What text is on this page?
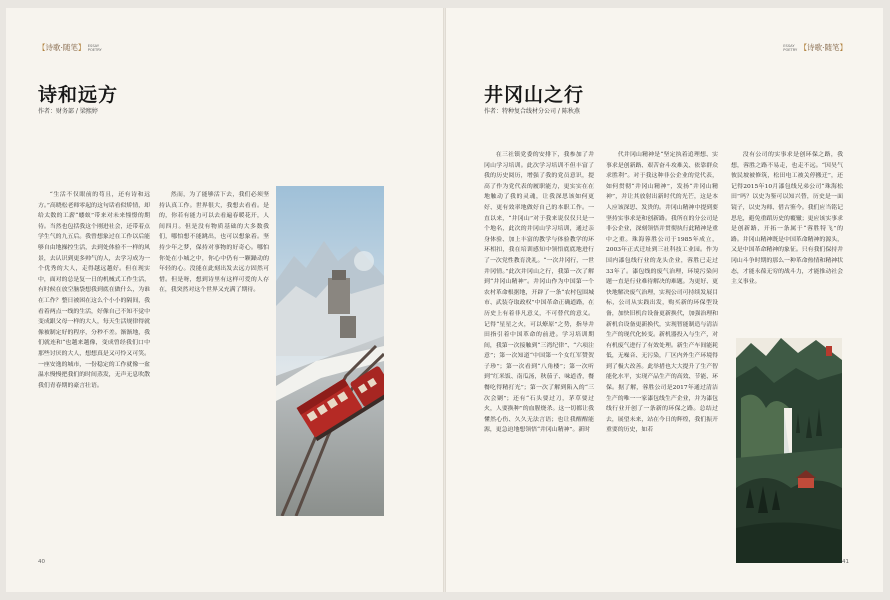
【诗歌·随笔】 ESSAY
POETRY
诗和远方
作者：财务部 / 梁熙婷

“生活不仅眼前的苟且，还有诗和远方。”高晓松老师零起的这句话看似矫情，却给太数的工薪“蝼蚁”带来对未来憧憬的期待。当然也包括我这个刚进社会，还带着点学生气的九五后。我曾想象过在工作以后能够自由地操控生活，去到处体验不一样的风景，去认识到更多帅气的人，去学习成为一个优秀的大人，走得越远越好。但在现实中，面对的总是复一日的机械式工作生活，有时候在放空脑袋想我到底在做什么，为谁在工作？整日被困在这么个小小的隔间，我看着两点一线的生活，好像自己不知不觉中变成跟父母一样的大人，每天生活规律得就像被制定好的程序，分秒不差。渐渐地，我们就连和“也越来越像，变成曾经我们口中那些讨厌的大人，想想真是又可怜又可笑。一座安逸的城市，一份稳定的工作就像一盆温水慢慢把我们的时间蒸发，无声无息吹散我们青春期的豪言壮语。

然而，为了能够活下去，我们必须坚持认真工作。世界很大，我想去看看。是的，你若有能力可以去看遍春暖花开，人间四月。但是没有物质基础的大多数我们，哪怕想不能跳出，也可以想象着。坚持少年之梦，保持对事物的好奇心。哪怕你处在小城之中，你心中仍有一颗躁动的年轻的心。没能在此刻出发去远方固然可惜。但是呀，想到诗里有这样可爱的人存在，我突然对这个世界又充满了期待。

40
ESSAY
POETRY 【诗歌·随笔】
井冈山之行
作者：特种复合线材分公司 / 陈秋燕

在三社镇党委的安排下，我参加了井冈山学习培训。此次学习培训不但丰富了我的历史阅历，增强了我的党员意识，提高了作为党代表的履职能力，更实实在在地触动了我的灵魂，让我深思该如何更好、更有效率地做好自己的本职工作。一直以来，“井冈山”对于我来说仅仅只是一个地名，此次的井冈山学习培训，通过亲身体验、加上丰富的教学与体验教学的环环相扣，我在培训感知中领悟底底地进行了一次党性教育洗礼。“一次井冈行，一世井冈情。”此次井冈山之行，我第一次了解到“井冈山精神”。井冈山作为中国第一个农村革命根据地，开辟了一条“农村包围城市、武装夺取政权”中国革命正确道路，在历史上有着非凡意义，不可替代的意义。记得“星星之火，可以燎原”之势，指导井田指引着中国革命的前进。学习培训期间，我第一次接触到“三湾纪律”、“六项注意”；第一次知道“中国第一个女红军赞贺子珍”；第一次看到“八角楼”；第一次听到“红米饭、南瓜汤，秋茄子、味道香，餐餐吃得精打光”；第一次了解到陷入的“三次会剿”；还有“石头要过刀，茅草要过火，人要换种”的血腥烧杀。这一切都让我懂然心伤、久久无法言语；也让我醒醒能源，更急迫地想领悟“井冈山精神”。新时

代井冈山精神是“坚定执着追理想、实事求是创新路、艰苦奋斗攻难关、依靠群众求胜利”。对于我这种非公企业的党代表，如何贯彻“井冈山精神”，发扬“井冈山精神”，并让其放射出新时代的光芒，这是本人应该深思、发贵的。井冈山精神中提到要坚持实事求是和创新路。我所在的分公司是非公企业，深刻领悟并贯彻执行此精神是重中之重。珠海蓉胜公司于1985年成立，2003年正式迁址到三社科技工业园。作为国内漆包线行业的龙头企业，蓉胜已走过33年了。漆包线的废气治理，环境污染问题一直是行业难待解决的难题。为更好、更快地解决废气治理，实现公司可持续发展目标，公司从实践出发，购买新的环保型设备，加快旧机台设备更新换代，加强治理和新机台设备更新换代，实现智能制造与清洁生产的现代化转变。新机器投入与生产，对有机废气进行了有效处理。新生产车间能耗低，无噪音、无污染，厂区内外生产环境得到了极大改善。此举措也大大提升了生产智能化水平，实现产品生产的高效、节能、环保。据了解，蓉胜公司是2017年通过清洁生产的唯一一家漆包线生产企业，并为漆包线行业开创了一条新的环保之路。总结过去，展望未来，站在今日的辉煌，我们振开重要的历史，如若

没有公司的实事求是创环保之路，我想，蓉胜之路不易走，也走不远。“因昊气彼民坡被修筑，松田电工被关停搬迁”，还记得2015年10月漆包线兄弟公司“珠海松田”吗？以史为鉴可以知兴替，历史是一面镜子，以史为师、借古鉴今。我们应当铭记思危，避免重蹈历史的覆辙；更应该实事求是创新路，开拓一条属于“蓉胜特飞”的路。井冈山精神既是中国革命精神的源头，又是中国革命精神的象征。只有我们保持井冈山斗争时期的那么一种革命热情和精神状态，才能永葆无穷的战斗力，才能推动社会主义事业。

41
